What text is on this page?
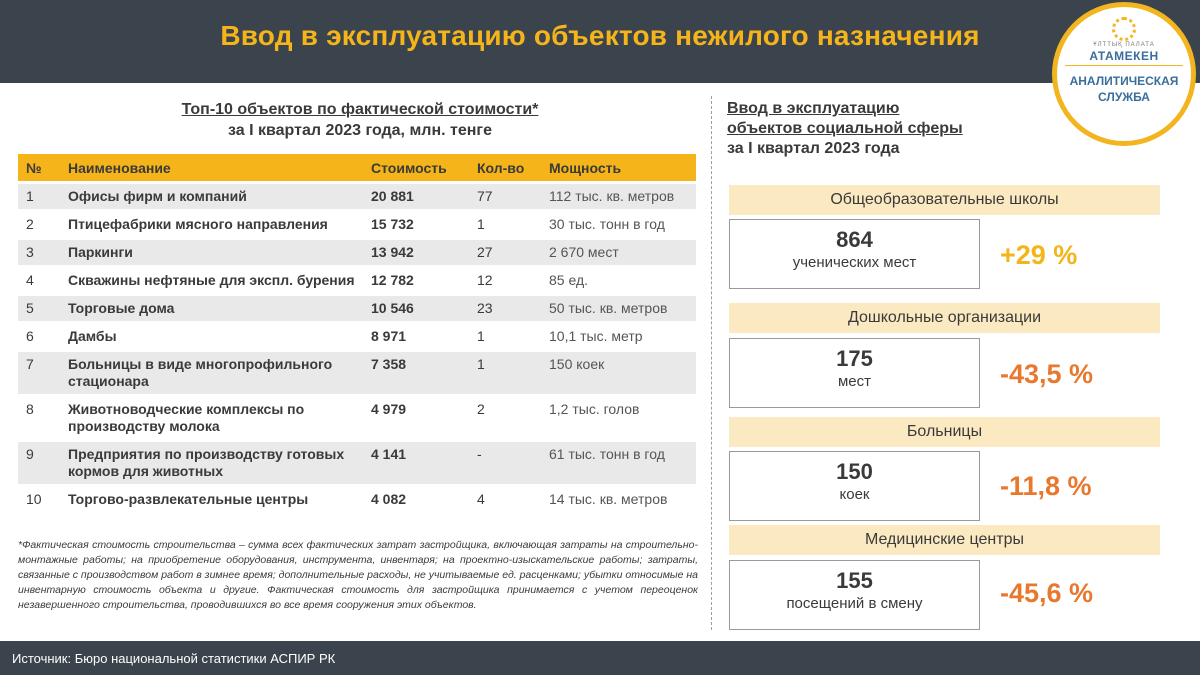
Ввод в эксплуатацию объектов нежилого назначения	ҰЛТТЫҚ ПАЛАТА
АТАМЕКЕН
АНАЛИТИЧЕСКАЯ
СЛУЖБА
Топ-10 объектов по фактической стоимости*
за I квартал 2023 года, млн. тенге
№	Наименование	Стоимость	Кол-во	Мощность
1	Офисы фирм и компаний	20 881	77	112 тыс. кв. метров
2	Птицефабрики мясного направления	15 732	1	30 тыс. тонн в год
3	Паркинги	13 942	27	2 670 мест
4	Скважины нефтяные для экспл. бурения	12 782	12	85 ед.
5	Торговые дома	10 546	23	50 тыс. кв. метров
6	Дамбы	8 971	1	10,1 тыс. метр
7	Больницы в виде многопрофильного стационара	7 358	1	150 коек
8	Животноводческие комплексы по производству молока	4 979	2	1,2 тыс. голов
9	Предприятия по производству готовых кормов для животных	4 141	-	61 тыс. тонн в год
10	Торгово-развлекательные центры	4 082	4	14 тыс. кв. метров
*Фактическая стоимость строительства – сумма всех фактических затрат застройщика, включающая затраты на строительно-монтажные работы; на приобретение оборудования, инструмента, инвентаря; на проектно-изыскательские работы; затраты, связанные с производством работ в зимнее время; дополнительные расходы, не учитываемые ед. расценками; убытки относимые на инвентарную стоимость объекта и другие. Фактическая стоимость для застройщика принимается с учетом переоценок незавершенного строительства, проводившихся во все время сооружения этих объектов.
Ввод в эксплуатацию
объектов социальной сферы
за I квартал 2023 года
Общеобразовательные школы
864
ученических мест	+29 %
Дошкольные организации
175
мест	-43,5 %
Больницы
150
коек	-11,8 %
Медицинские центры
155
посещений в смену	-45,6 %
Источник: Бюро национальной статистики АСПИР РК
